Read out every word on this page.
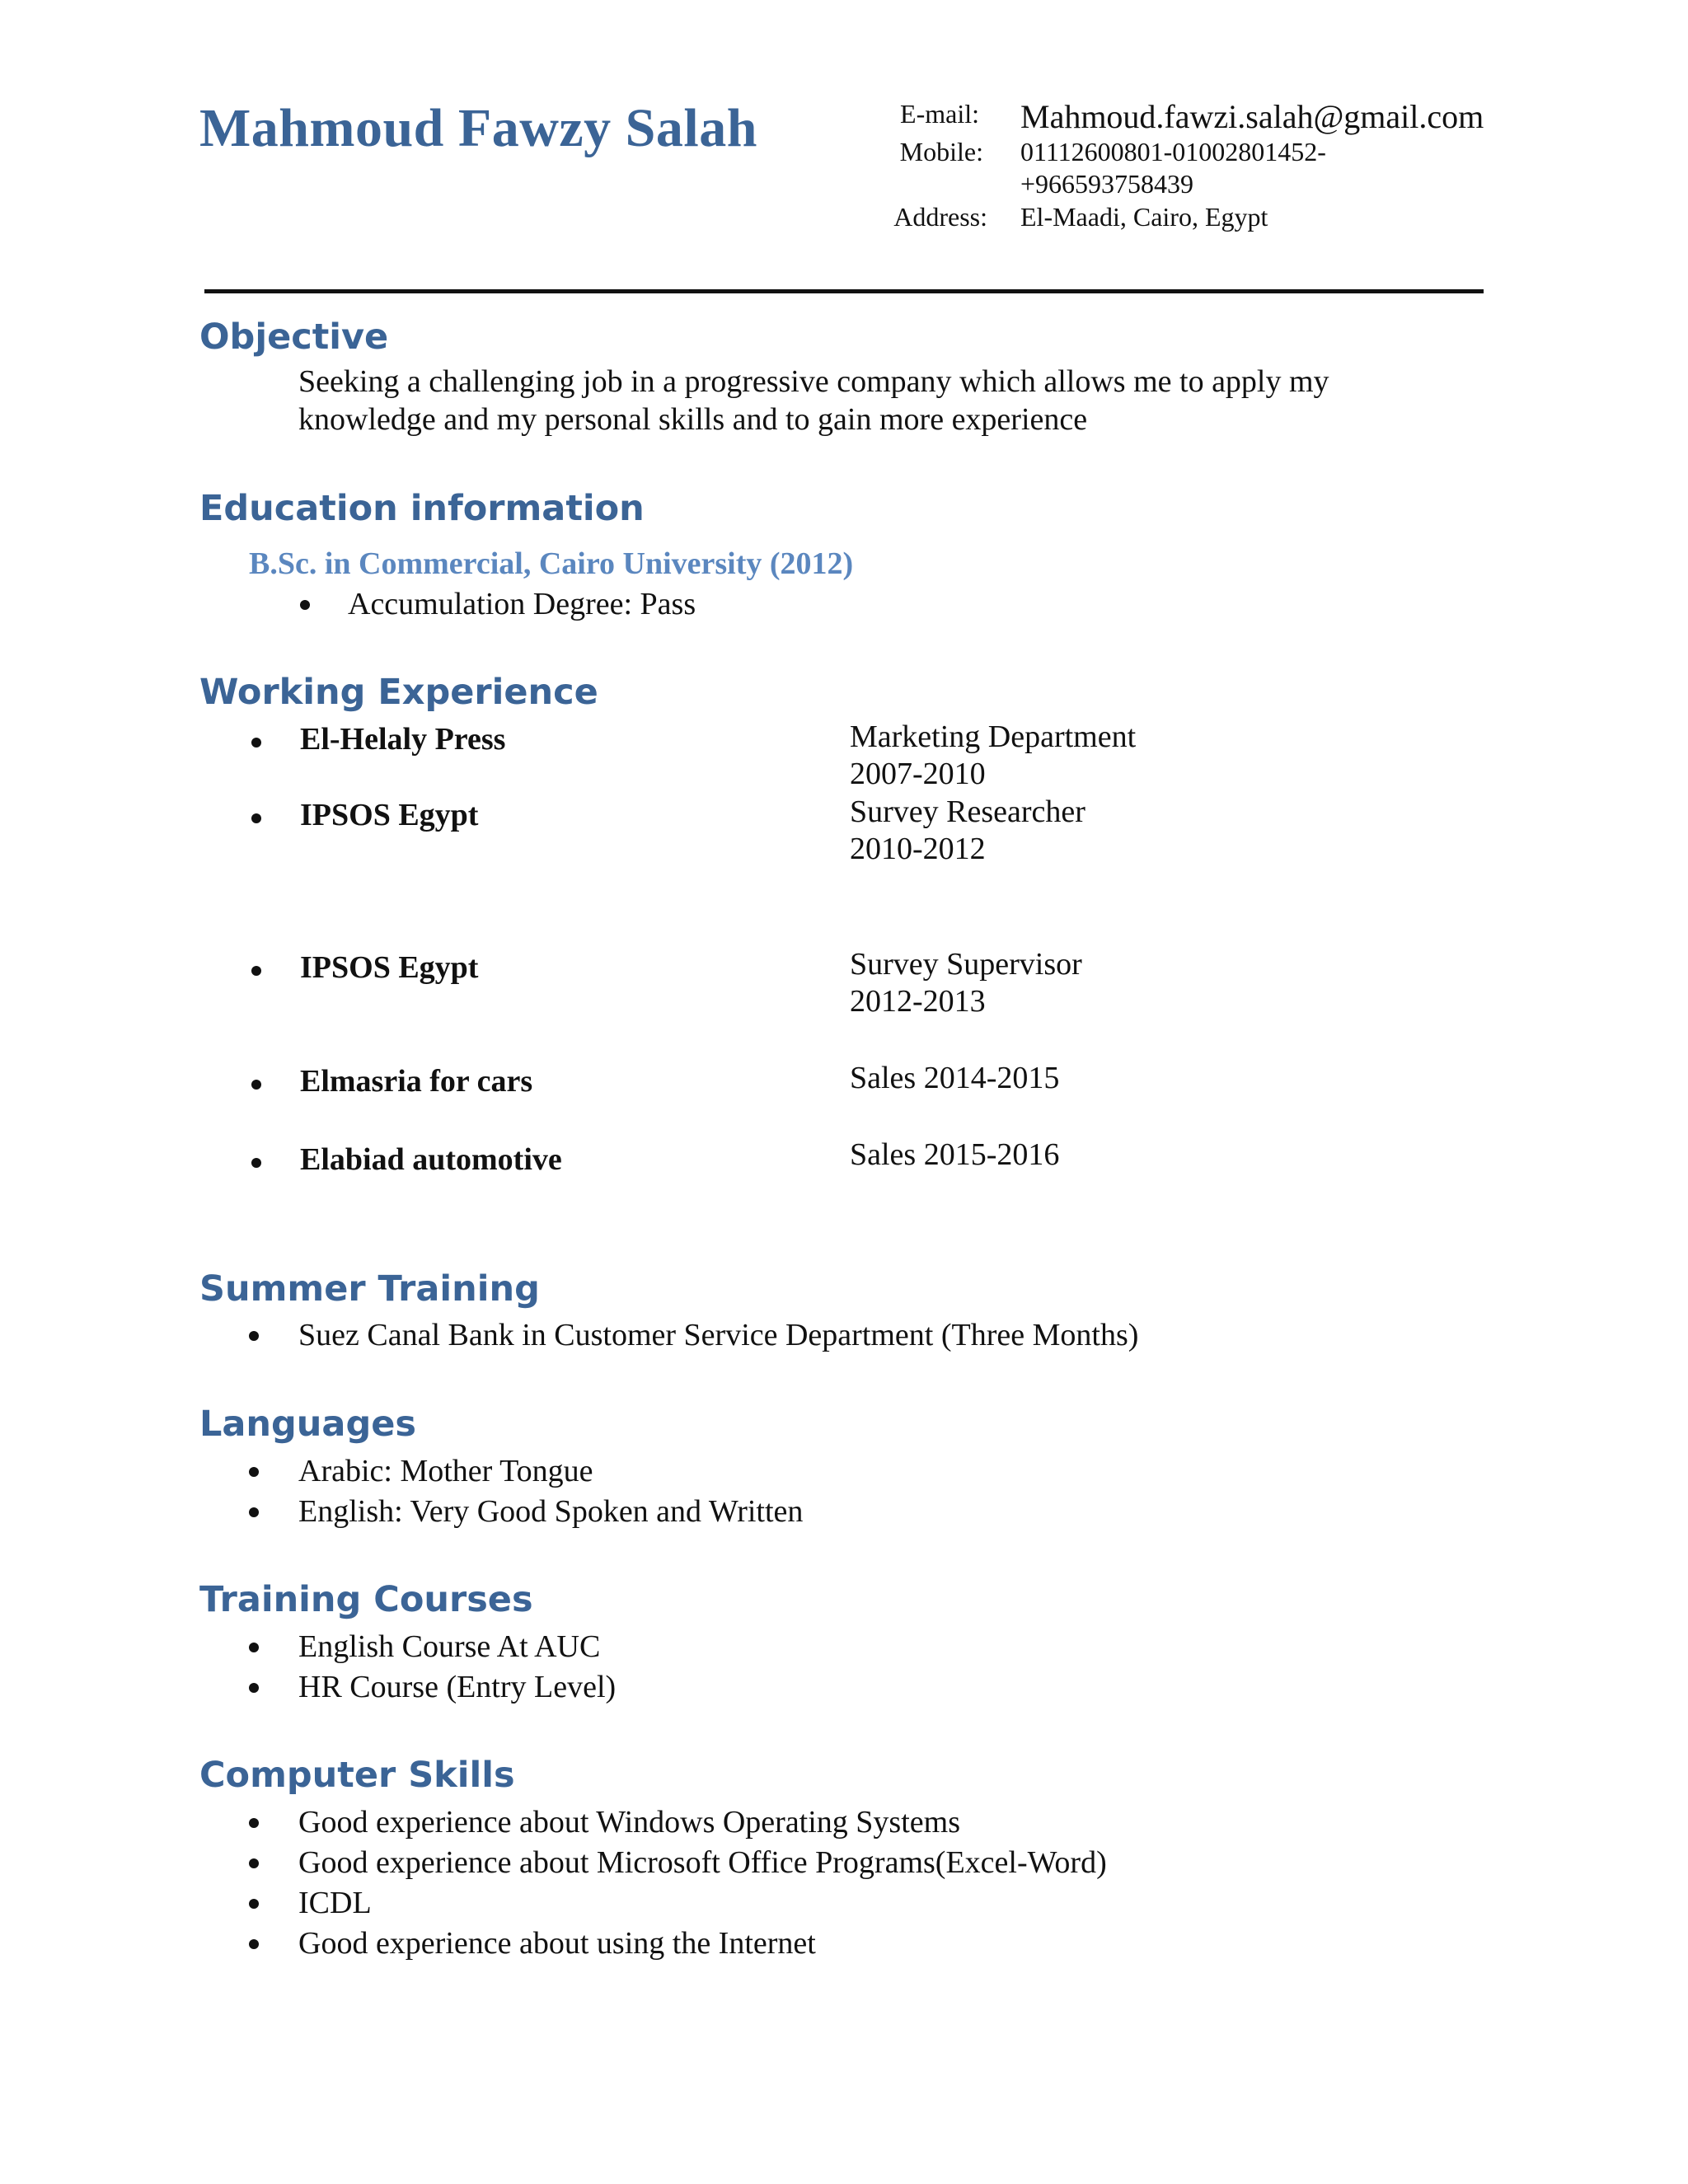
Mahmoud Fawzy Salah	E-mail: Mahmoud.fawzi.salah@gmail.com
Mobile: 01112600801-01002801452-
+966593758439
Address: El-Maadi, Cairo, Egypt
Objective
Seeking a challenging job in a progressive company which allows me to apply my
knowledge and my personal skills and to gain more experience
Education information
B.Sc. in Commercial, Cairo University (2012)
Accumulation Degree: Pass
Working Experience
El-Helaly Press	Marketing Department
2007-2010
IPSOS Egypt	Survey Researcher
2010-2012
IPSOS Egypt	Survey Supervisor
2012-2013
Elmasria for cars	Sales 2014-2015
Elabiad automotive	Sales 2015-2016
Summer Training
Suez Canal Bank in Customer Service Department (Three Months)
Languages
Arabic: Mother Tongue
English: Very Good Spoken and Written
Training Courses
English Course At AUC
HR Course (Entry Level)
Computer Skills
Good experience about Windows Operating Systems
Good experience about Microsoft Office Programs(Excel-Word)
ICDL
Good experience about using the Internet
